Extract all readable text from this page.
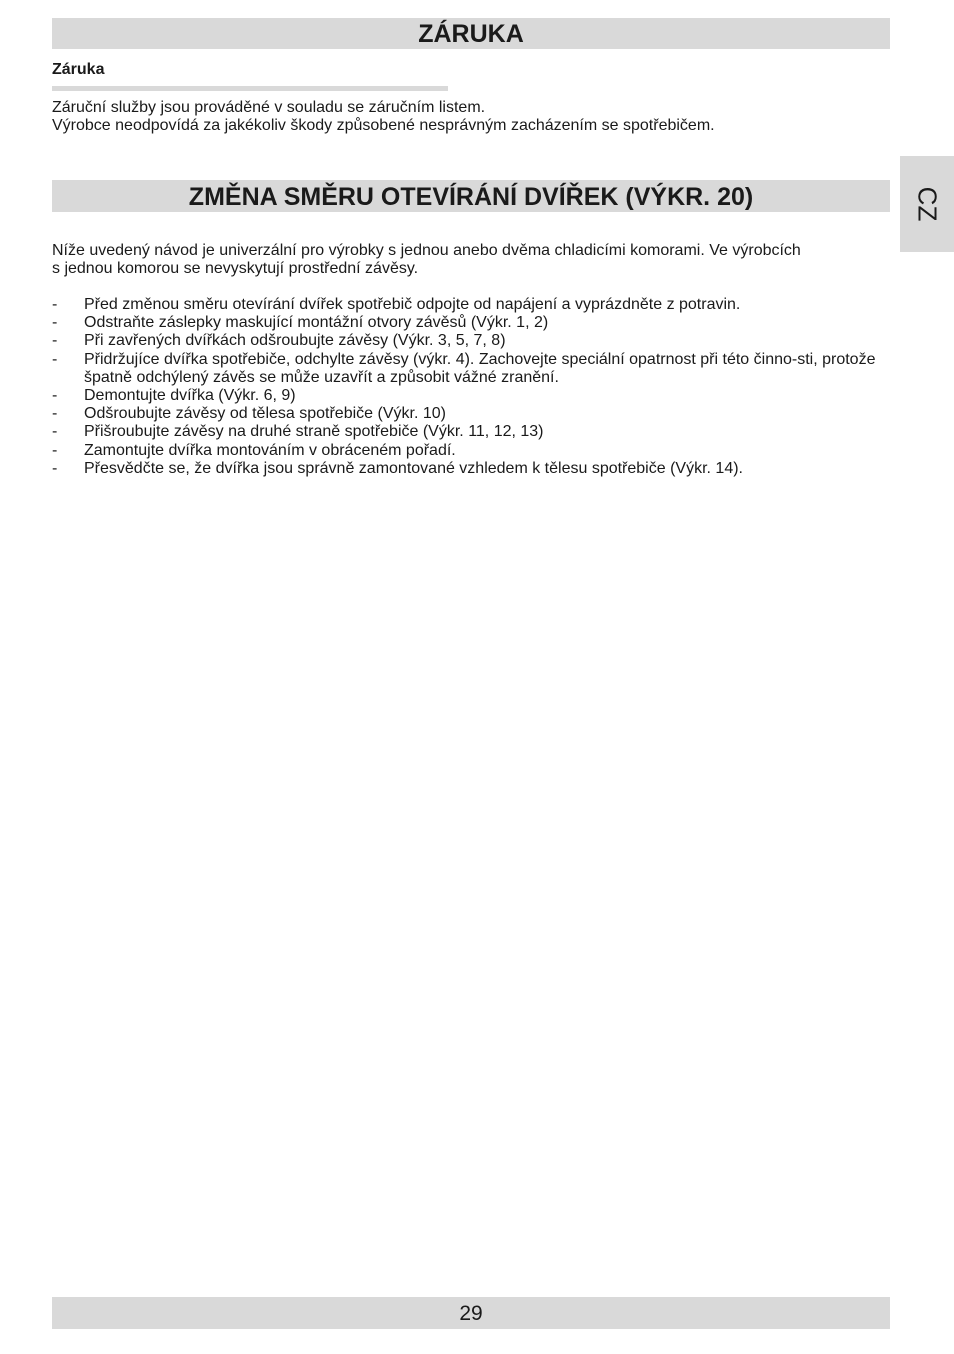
ZÁRUKA
Záruka

Záruční služby jsou prováděné v souladu se záručním listem.

Výrobce neodpovídá za jakékoliv škody způsobené nesprávným zacházením se spotřebičem.

CZ
ZMĚNA SMĚRU OTEVÍRÁNÍ DVÍŘEK (VÝKR. 20)

Níže uvedený návod je univerzální pro výrobky s jednou anebo dvěma chladicími komorami. Ve výrobcích

s jednou komorou se nevyskytují prostřední závěsy.

- Před změnou směru otevírání dvířek spotřebič odpojte od napájení a vyprázdněte z potravin.
- Odstraňte záslepky maskující montážní otvory závěsů (Výkr. 1, 2)
- Při zavřených dvířkách odšroubujte závěsy (Výkr. 3, 5, 7, 8)
- Přidržujíce dvířka spotřebiče, odchylte závěsy (výkr. 4). Zachovejte speciální opatrnost při této činno-sti, protože špatně odchýlený závěs se může uzavřít a způsobit vážné zranění.
- Demontujte dvířka (Výkr. 6, 9)
- Odšroubujte závěsy od tělesa spotřebiče (Výkr. 10)
- Přišroubujte závěsy na druhé straně spotřebiče (Výkr. 11, 12, 13)
- Zamontujte dvířka montováním v obráceném pořadí.
- Přesvědčte se, že dvířka jsou správně zamontované vzhledem k tělesu spotřebiče (Výkr. 14).
29
